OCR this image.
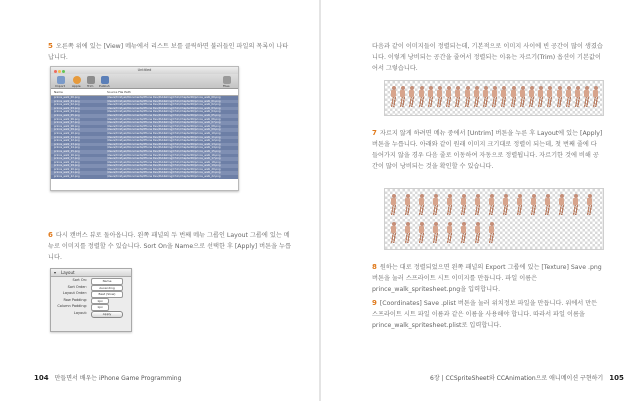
5 오른쪽 위에 있는 [View] 메뉴에서 리스트 보를 클릭하면 불러들인 파일의 목록이 나타납니다.
Untitled
Import Apple Trim Publish	Files
Name	Source File Path
prince_walk_00.png	/Users/trinityeli/Documents/iPhone Dev/Publishing/Ch11/chapter06/prince_walk_00.png
prince_walk_01.png	/Users/trinityeli/Documents/iPhone Dev/Publishing/Ch11/chapter06/prince_walk_01.png
prince_walk_02.png	/Users/trinityeli/Documents/iPhone Dev/Publishing/Ch11/chapter06/prince_walk_02.png
prince_walk_03.png	/Users/trinityeli/Documents/iPhone Dev/Publishing/Ch11/chapter06/prince_walk_03.png
prince_walk_04.png	/Users/trinityeli/Documents/iPhone Dev/Publishing/Ch11/chapter06/prince_walk_04.png
prince_walk_05.png	/Users/trinityeli/Documents/iPhone Dev/Publishing/Ch11/chapter06/prince_walk_05.png
prince_walk_06.png	/Users/trinityeli/Documents/iPhone Dev/Publishing/Ch11/chapter06/prince_walk_06.png
prince_walk_07.png	/Users/trinityeli/Documents/iPhone Dev/Publishing/Ch11/chapter06/prince_walk_07.png
prince_walk_08.png	/Users/trinityeli/Documents/iPhone Dev/Publishing/Ch11/chapter06/prince_walk_08.png
prince_walk_09.png	/Users/trinityeli/Documents/iPhone Dev/Publishing/Ch11/chapter06/prince_walk_09.png
prince_walk_10.png	/Users/trinityeli/Documents/iPhone Dev/Publishing/Ch11/chapter06/prince_walk_10.png
prince_walk_11.png	/Users/trinityeli/Documents/iPhone Dev/Publishing/Ch11/chapter06/prince_walk_11.png
prince_walk_12.png	/Users/trinityeli/Documents/iPhone Dev/Publishing/Ch11/chapter06/prince_walk_12.png
prince_walk_13.png	/Users/trinityeli/Documents/iPhone Dev/Publishing/Ch11/chapter06/prince_walk_13.png
prince_walk_14.png	/Users/trinityeli/Documents/iPhone Dev/Publishing/Ch11/chapter06/prince_walk_14.png
prince_walk_15.png	/Users/trinityeli/Documents/iPhone Dev/Publishing/Ch11/chapter06/prince_walk_15.png
prince_walk_16.png	/Users/trinityeli/Documents/iPhone Dev/Publishing/Ch11/chapter06/prince_walk_16.png
prince_walk_17.png	/Users/trinityeli/Documents/iPhone Dev/Publishing/Ch11/chapter06/prince_walk_17.png
prince_walk_18.png	/Users/trinityeli/Documents/iPhone Dev/Publishing/Ch11/chapter06/prince_walk_18.png
prince_walk_19.png	/Users/trinityeli/Documents/iPhone Dev/Publishing/Ch11/chapter06/prince_walk_19.png
prince_walk_20.png	/Users/trinityeli/Documents/iPhone Dev/Publishing/Ch11/chapter06/prince_walk_20.png
prince_walk_21.png	/Users/trinityeli/Documents/iPhone Dev/Publishing/Ch11/chapter06/prince_walk_21.png
prince_walk_22.png	/Users/trinityeli/Documents/iPhone Dev/Publishing/Ch11/chapter06/prince_walk_22.png
6 다시 캔버스 뷰로 돌아옵니다. 왼쪽 패널의 두 번째 메뉴 그룹인 Layout 그룹에 있는 메뉴로 이미지를 정렬할 수 있습니다. Sort On을 Name으로 선택한 후 [Apply] 버튼을 누릅니다.
▾ Layout
Sort On:	Name
Sort Order:	Ascending
Layout Order:	Best (Slow)
Row Padding:	1px
Column Padding:	1px
Layout:	Apply
104 만들면서 배우는 iPhone Game Programming
다음과 같이 이미지들이 정렬되는데, 기본적으로 이미지 사이에 빈 공간이 많이 생겼습니다. 이렇게 낭비되는 공간을 줄여서 정렬되는 이유는 자르기(Trim) 옵션이 기본값이어서 그렇습니다.
7 자르지 않게 하려면 메뉴 중에서 [Untrim] 버튼을 누른 후 Layout에 있는 [Apply] 버튼을 누릅니다. 아래와 같이 원래 이미지 크기대로 정렬이 되는데, 첫 번째 줄에 다 들어가지 않을 경우 다음 줄로 이동하여 자동으로 정렬됩니다. 자르기한 것에 비해 공간이 많이 낭비되는 것을 확인할 수 있습니다.
8 원하는 대로 정렬되었으면 왼쪽 패널의 Export 그룹에 있는 [Texture] Save .png 버튼을 눌러 스프라이트 시트 이미지를 만듭니다. 파일 이름은 prince_walk_spritesheet.png을 입력합니다.
9 [Coordinates] Save .plist 버튼을 눌러 위치정보 파일을 만듭니다. 위에서 만든 스프라이트 시트 파일 이름과 같은 이름을 사용해야 합니다. 따라서 파일 이름을 prince_walk_spritesheet.plist로 입력합니다.
6장 | CCSpriteSheet와 CCAnimation으로 애니메이션 구현하기 105
